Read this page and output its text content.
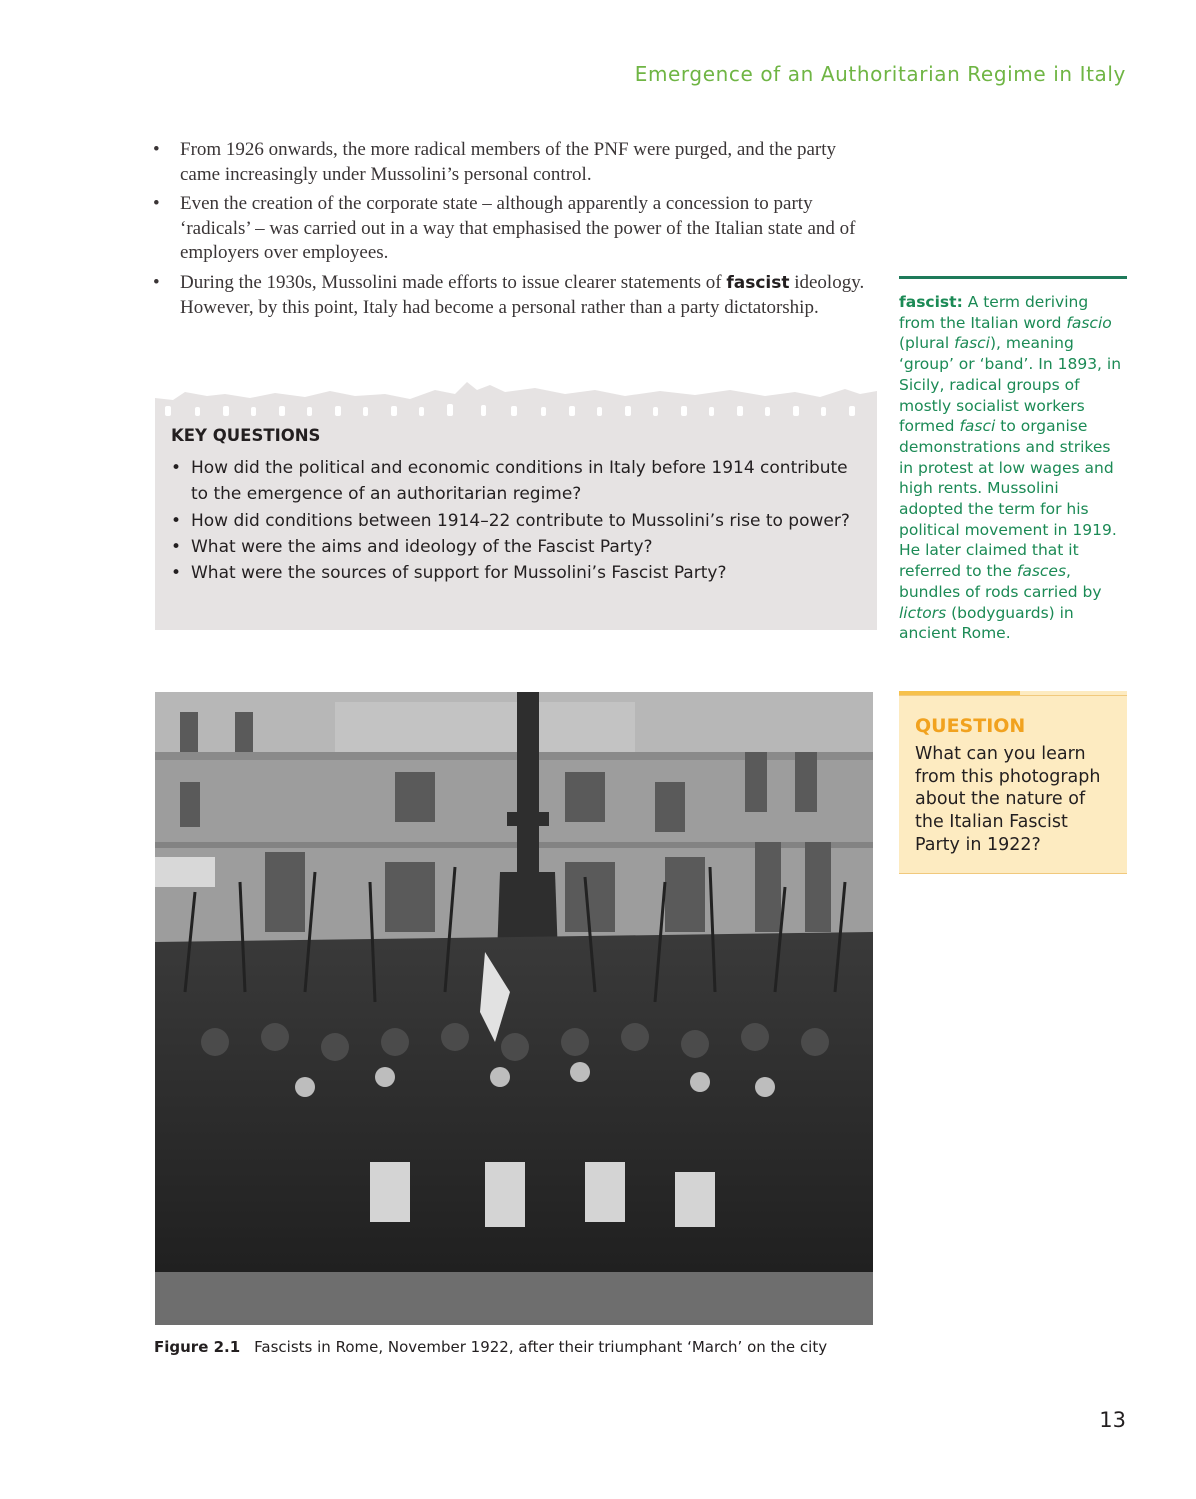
Emergence of an Authoritarian Regime in Italy
• From 1926 onwards, the more radical members of the PNF were purged, and the party came increasingly under Mussolini’s personal control.
• Even the creation of the corporate state – although apparently a concession to party ‘radicals’ – was carried out in a way that emphasised the power of the Italian state and of employers over employees.
• During the 1930s, Mussolini made efforts to issue clearer statements of fascist ideology. However, by this point, Italy had become a personal rather than a party dictatorship.
KEY QUESTIONS
• How did the political and economic conditions in Italy before 1914 contribute to the emergence of an authoritarian regime?
• How did conditions between 1914–22 contribute to Mussolini’s rise to power?
• What were the aims and ideology of the Fascist Party?
• What were the sources of support for Mussolini’s Fascist Party?
fascist: A term deriving from the Italian word fascio (plural fasci), meaning ‘group’ or ‘band’. In 1893, in Sicily, radical groups of mostly socialist workers formed fasci to organise demonstrations and strikes in protest at low wages and high rents. Mussolini adopted the term for his political movement in 1919. He later claimed that it referred to the fasces, bundles of rods carried by lictors (bodyguards) in ancient Rome.
QUESTION
What can you learn from this photograph about the nature of the Italian Fascist Party in 1922?
Figure 2.1 Fascists in Rome, November 1922, after their triumphant ‘March’ on the city
13
